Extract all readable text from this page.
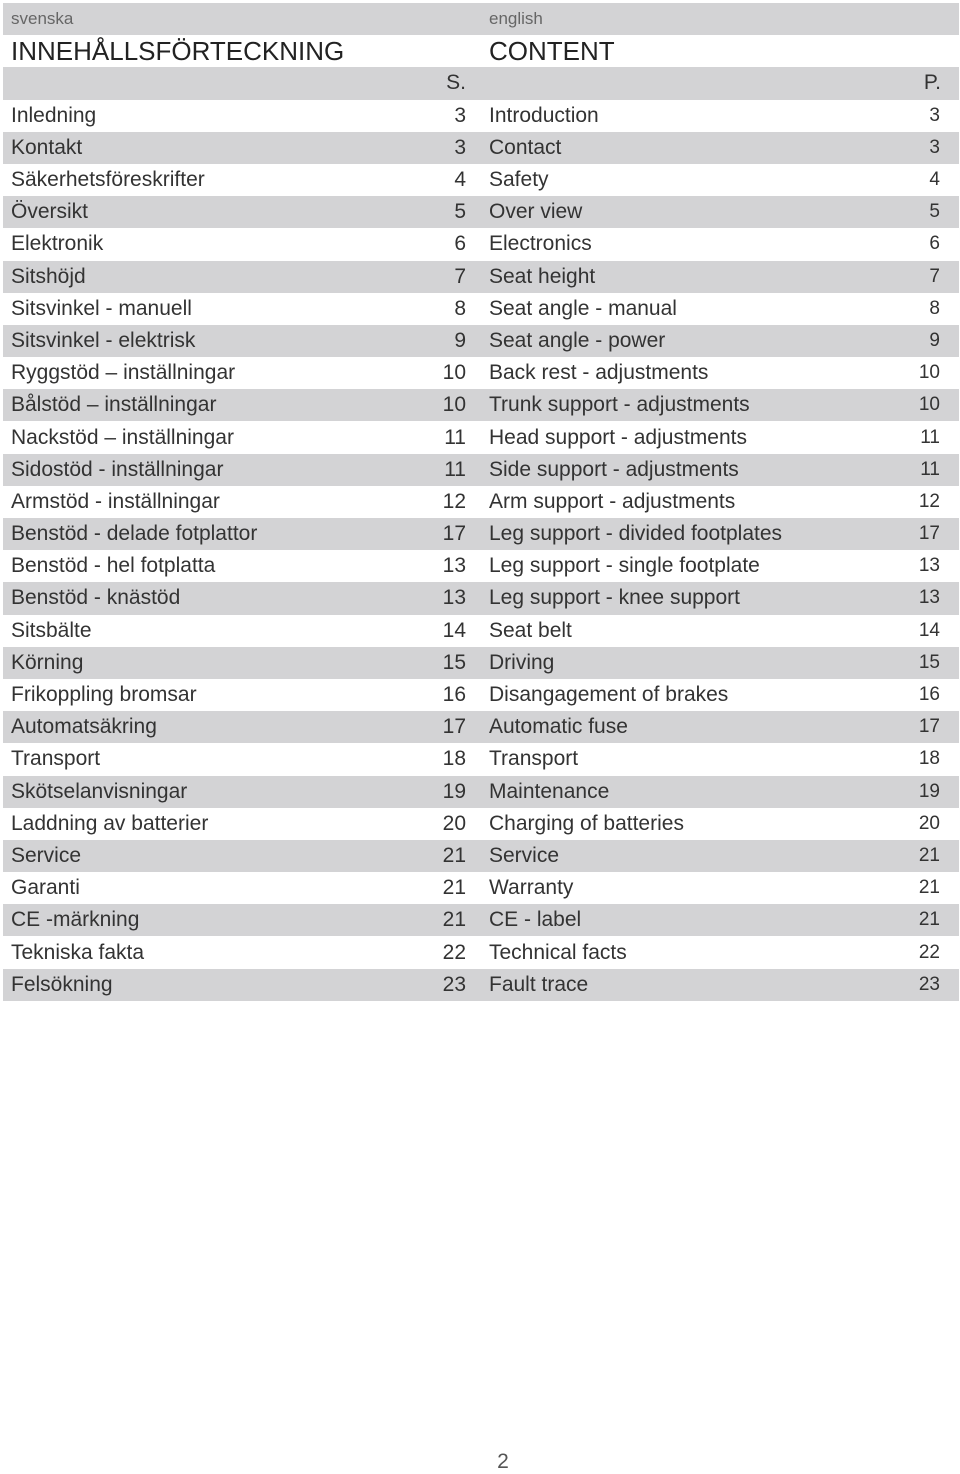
svenska	english
INNEHÅLLSFÖRTECKNING	CONTENT
S.	P.
Inledning	3 Introduction	3
Kontakt	3 Contact	3
Säkerhetsföreskrifter	4 Safety	4
Översikt	5 Over view	5
Elektronik	6 Electronics	6
Sitshöjd	7 Seat height	7
Sitsvinkel - manuell	8 Seat angle - manual	8
Sitsvinkel - elektrisk	9 Seat angle - power	9
Ryggstöd – inställningar	10 Back rest - adjustments	10
Bålstöd – inställningar	10 Trunk support - adjustments	10
Nackstöd – inställningar	11 Head support - adjustments	11
Sidostöd - inställningar	11 Side support - adjustments	11
Armstöd - inställningar	12 Arm support - adjustments	12
Benstöd - delade fotplattor	17 Leg support - divided footplates	17
Benstöd - hel fotplatta	13 Leg support - single footplate	13
Benstöd - knästöd	13 Leg support - knee support	13
Sitsbälte	14 Seat belt	14
Körning	15 Driving	15
Frikoppling bromsar	16 Disangagement of brakes	16
Automatsäkring	17 Automatic fuse	17
Transport	18 Transport	18
Skötselanvisningar	19 Maintenance	19
Laddning av batterier	20 Charging of batteries	20
Service	21 Service	21
Garanti	21 Warranty	21
CE -märkning	21 CE - label	21
Tekniska fakta	22 Technical facts	22
Felsökning	23 Fault trace	23
2
